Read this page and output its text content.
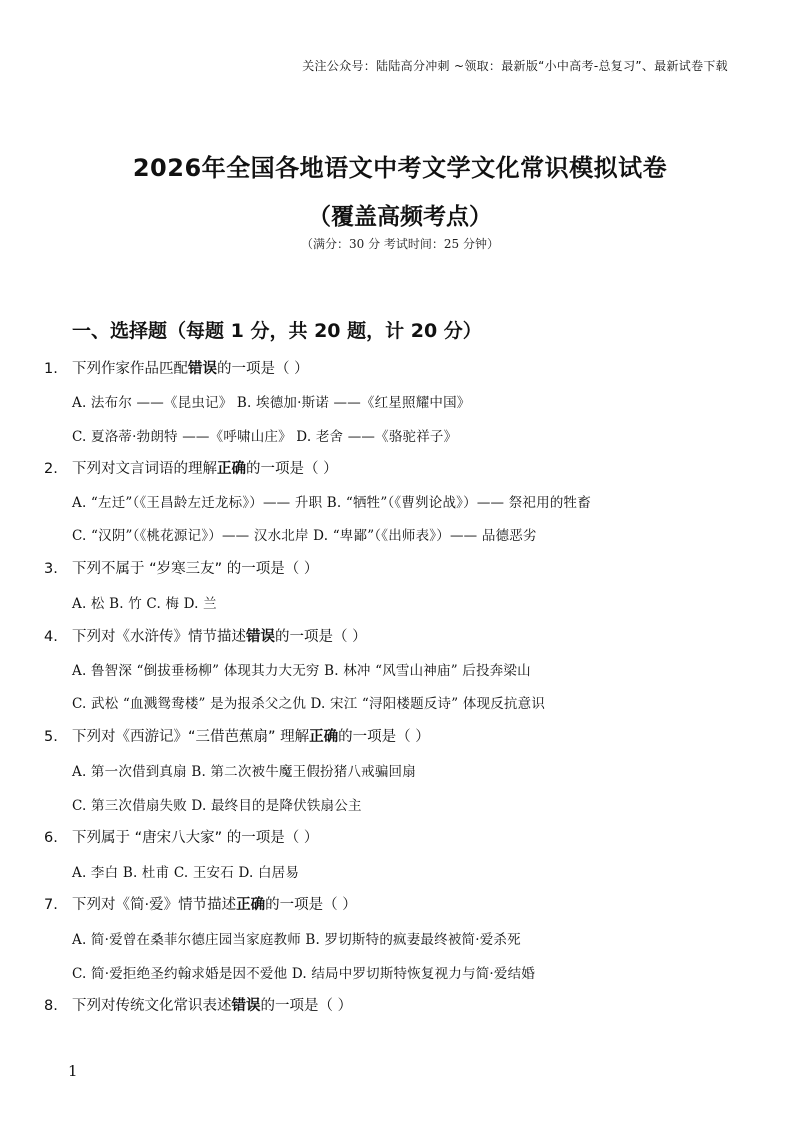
关注公众号：陆陆高分冲刺 ~领取：最新版“小中高考-总复习”、最新试卷下载
2026年全国各地语文中考文学文化常识模拟试卷
（覆盖高频考点）
（满分：30 分 考试时间：25 分钟）
一、选择题（每题 1 分，共 20 题，计 20 分）
1. 下列作家作品匹配错误的一项是（ ）
A. 法布尔 ——《昆虫记》 B. 埃德加·斯诺 ——《红星照耀中国》
C. 夏洛蒂·勃朗特 ——《呼啸山庄》 D. 老舍 ——《骆驼祥子》
2. 下列对文言词语的理解正确的一项是（ ）
A. “左迁”（《王昌龄左迁龙标》）—— 升职 B. “牺牲”（《曹刿论战》）—— 祭祀用的牲畜
C. “汉阴”（《桃花源记》）—— 汉水北岸 D. “卑鄙”（《出师表》）—— 品德恶劣
3. 下列不属于 “岁寒三友” 的一项是（ ）
A. 松 B. 竹 C. 梅 D. 兰
4. 下列对《水浒传》情节描述错误的一项是（ ）
A. 鲁智深 “倒拔垂杨柳” 体现其力大无穷 B. 林冲 “风雪山神庙” 后投奔梁山
C. 武松 “血溅鸳鸯楼” 是为报杀父之仇 D. 宋江 “浔阳楼题反诗” 体现反抗意识
5. 下列对《西游记》“三借芭蕉扇” 理解正确的一项是（ ）
A. 第一次借到真扇 B. 第二次被牛魔王假扮猪八戒骗回扇
C. 第三次借扇失败 D. 最终目的是降伏铁扇公主
6. 下列属于 “唐宋八大家” 的一项是（ ）
A. 李白 B. 杜甫 C. 王安石 D. 白居易
7. 下列对《简·爱》情节描述正确的一项是（ ）
A. 简·爱曾在桑菲尔德庄园当家庭教师 B. 罗切斯特的疯妻最终被简·爱杀死
C. 简·爱拒绝圣约翰求婚是因不爱他 D. 结局中罗切斯特恢复视力与简·爱结婚
8. 下列对传统文化常识表述错误的一项是（ ）
1
